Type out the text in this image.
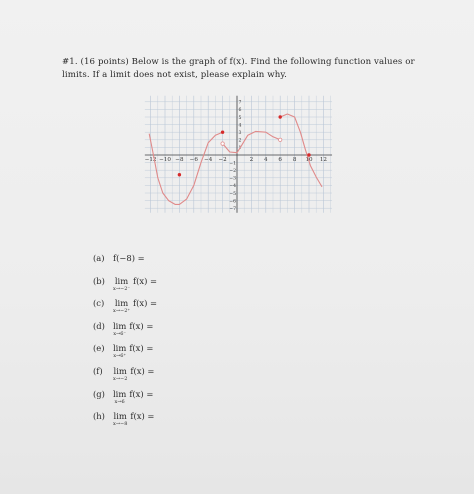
#1. (16 points) Below is the graph of f(x). Find the following function values or
limits. If a limit does not exist, please explain why.
−12 −10 −8 −6 −4 −2	2 4 6 8 10 12
1
−1
2
−2
3
−3
4
−4
5
−5
6
−6
7
−7
(a) f(−8) =
(b) lim
x→−2⁻
f(x) =
(c) lim
x→−2⁺
f(x) =
(d) lim
x→6⁻
f(x) =
(e) lim
x→6⁺
f(x) =
(f) lim
x→−2
f(x) =
(g) lim
x→6
f(x) =
(h) lim
x→−8
f(x) =
